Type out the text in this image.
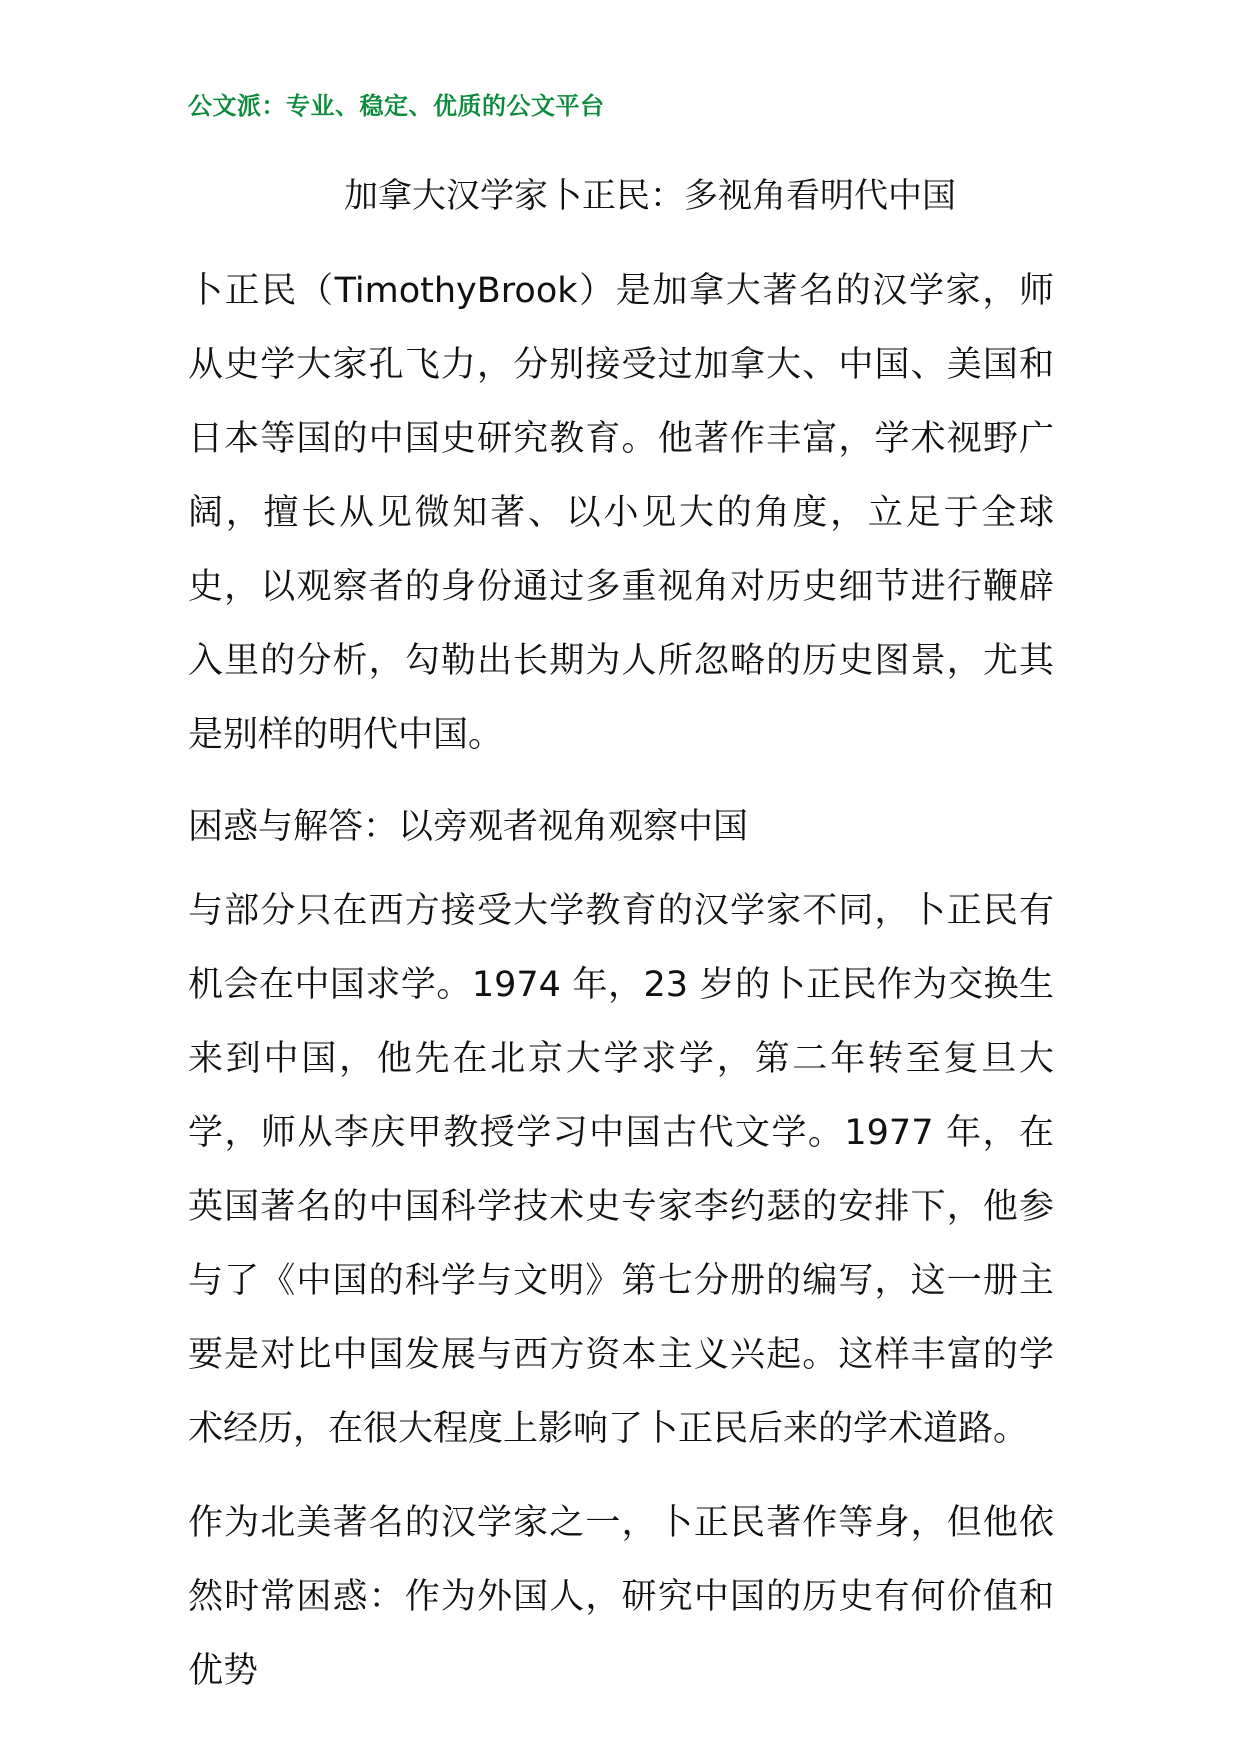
公文派：专业、稳定、优质的公文平台
加拿大汉学家卜正民：多视角看明代中国

卜正民（TimothyBrook）是加拿大著名的汉学家，师从史学大家孔飞力，分别接受过加拿大、中国、美国和日本等国的中国史研究教育。他著作丰富，学术视野广阔，擅长从见微知著、以小见大的角度，立足于全球史，以观察者的身份通过多重视角对历史细节进行鞭辟入里的分析，勾勒出长期为人所忽略的历史图景，尤其是别样的明代中国。

困惑与解答：以旁观者视角观察中国

与部分只在西方接受大学教育的汉学家不同，卜正民有机会在中国求学。1974 年，23 岁的卜正民作为交换生来到中国，他先在北京大学求学，第二年转至复旦大学，师从李庆甲教授学习中国古代文学。1977 年，在英国著名的中国科学技术史专家李约瑟的安排下，他参与了《中国的科学与文明》第七分册的编写，这一册主要是对比中国发展与西方资本主义兴起。这样丰富的学术经历，在很大程度上影响了卜正民后来的学术道路。

作为北美著名的汉学家之一，卜正民著作等身，但他依然时常困惑：作为外国人，研究中国的历史有何价值和优势
